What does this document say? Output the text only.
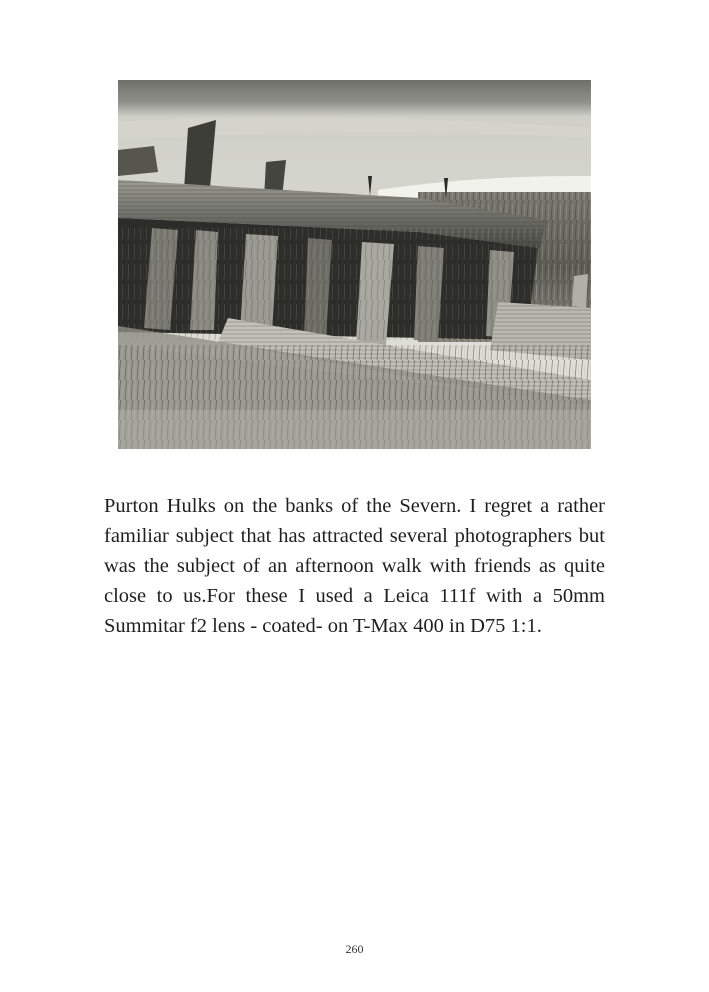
Purton Hulks on the banks of the Severn. I regret a rather familiar subject that has attracted several photographers but was the subject of an afternoon walk with friends as quite close to us.For these I used a Leica 111f with a 50mm Summitar f2 lens - coated- on T-Max 400 in D75 1:1.

260
